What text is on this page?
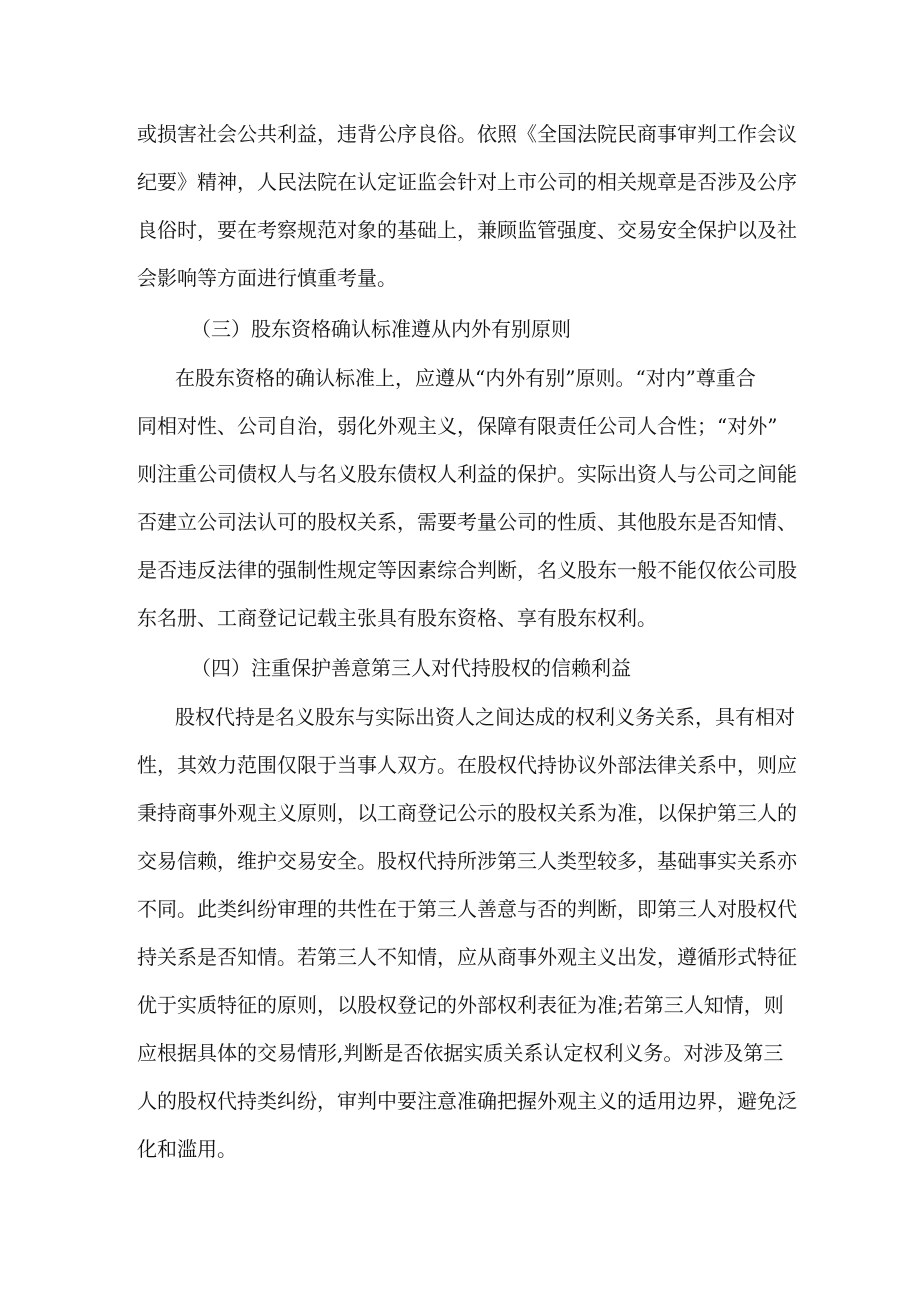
或损害社会公共利益，违背公序良俗。依照《全国法院民商事审判工作会议

纪要》精神，人民法院在认定证监会针对上市公司的相关规章是否涉及公序

良俗时，要在考察规范对象的基础上，兼顾监管强度、交易安全保护以及社

会影响等方面进行慎重考量。

（三）股东资格确认标准遵从内外有别原则

在股东资格的确认标准上，应遵从“内外有别”原则。“对内”尊重合

同相对性、公司自治，弱化外观主义，保障有限责任公司人合性；“对外”

则注重公司债权人与名义股东债权人利益的保护。实际出资人与公司之间能

否建立公司法认可的股权关系，需要考量公司的性质、其他股东是否知情、

是否违反法律的强制性规定等因素综合判断，名义股东一般不能仅依公司股

东名册、工商登记记载主张具有股东资格、享有股东权利。

（四）注重保护善意第三人对代持股权的信赖利益

股权代持是名义股东与实际出资人之间达成的权利义务关系，具有相对

性，其效力范围仅限于当事人双方。在股权代持协议外部法律关系中，则应

秉持商事外观主义原则，以工商登记公示的股权关系为准，以保护第三人的

交易信赖，维护交易安全。股权代持所涉第三人类型较多，基础事实关系亦

不同。此类纠纷审理的共性在于第三人善意与否的判断，即第三人对股权代

持关系是否知情。若第三人不知情，应从商事外观主义出发，遵循形式特征

优于实质特征的原则，以股权登记的外部权利表征为准;若第三人知情，则

应根据具体的交易情形,判断是否依据实质关系认定权利义务。对涉及第三

人的股权代持类纠纷，审判中要注意准确把握外观主义的适用边界，避免泛

化和滥用。
